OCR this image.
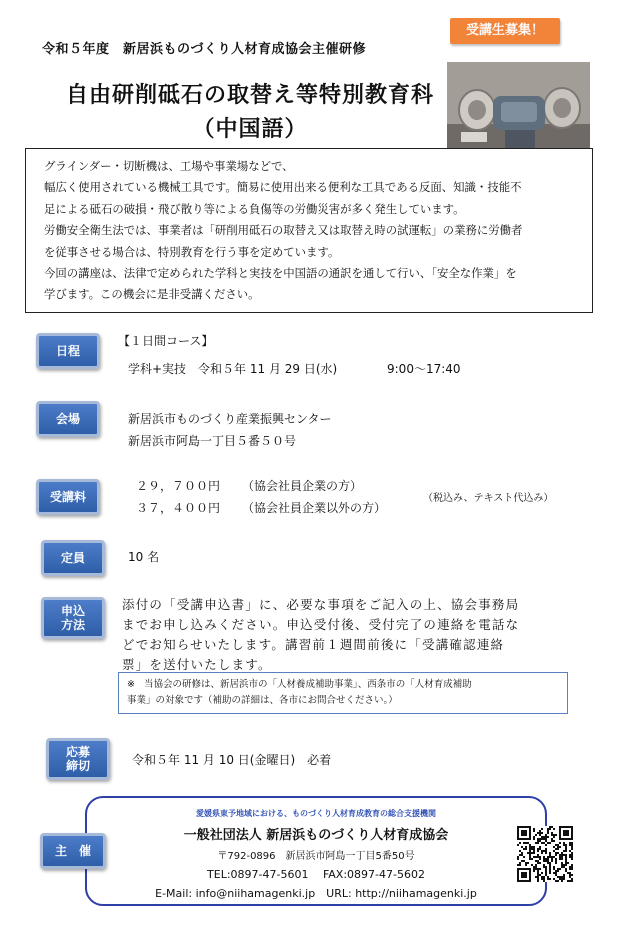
令和５年度　新居浜ものづくり人材育成協会主催研修
受講生募集！
自由研削砥石の取替え等特別教育科
（中国語）

グラインダー・切断機は、工場や事業場などで、

幅広く使用されている機械工具です。簡易に使用出来る便利な工具である反面、知識・技能不

足による砥石の破損・飛び散り等による負傷等の労働災害が多く発生しています。

労働安全衛生法では、事業者は「研削用砥石の取替え又は取替え時の試運転」の業務に労働者

を従事させる場合は、特別教育を行う事を定めています。

今回の講座は、法律で定められた学科と実技を中国語の通訳を通して行い、「安全な作業」を

学びます。この機会に是非受講ください。

日程
【１日間コース】
学科+実技　令和５年 11 月 29 日(水)	9:00～17:40
会場	新居浜市ものづくり産業振興センター
新居浜市阿島一丁目５番５０号
受講料
２９，７００円 （協会社員企業の方）
３７，４００円 （協会社員企業以外の方）
（税込み、テキスト代込み）
定員	10 名
申込
方法
添付の「受講申込書」に、必要な事項をご記入の上、協会事務局
までお申し込みください。申込受付後、受付完了の連絡を電話な
どでお知らせいたします。講習前１週間前後に「受講確認連絡
票」を送付いたします。
※ 当協会の研修は、新居浜市の「人材養成補助事業」、西条市の「人材育成補助
事業」の対象です（補助の詳細は、各市にお問合せください。）
応募
締切	令和５年 11 月 10 日(金曜日)　必着
主　催
愛媛県東予地域における、ものづくり人材育成教育の総合支援機関
一般社団法人 新居浜ものづくり人材育成協会
〒792-0896　新居浜市阿島一丁目5番50号
TEL:0897-47-5601　 FAX:0897-47-5602
E-Mail: info@niihamagenki.jp　URL: http://niihamagenki.jp
